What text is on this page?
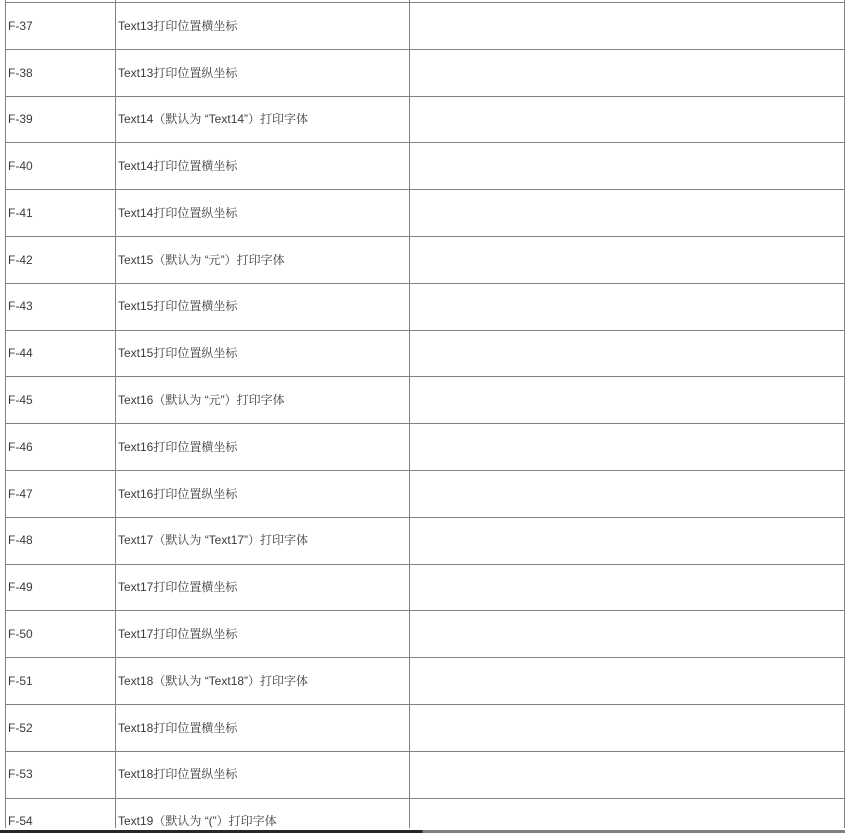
F-37	Text13打印位置横坐标	
F-38	Text13打印位置纵坐标	
F-39	Text14（默认为 “Text14”）打印字体	
F-40	Text14打印位置横坐标	
F-41	Text14打印位置纵坐标	
F-42	Text15（默认为 “元”）打印字体	
F-43	Text15打印位置横坐标	
F-44	Text15打印位置纵坐标	
F-45	Text16（默认为 “元”）打印字体	
F-46	Text16打印位置横坐标	
F-47	Text16打印位置纵坐标	
F-48	Text17（默认为 “Text17”）打印字体	
F-49	Text17打印位置横坐标	
F-50	Text17打印位置纵坐标	
F-51	Text18（默认为 “Text18”）打印字体	
F-52	Text18打印位置横坐标	
F-53	Text18打印位置纵坐标	
F-54	Text19（默认为 “(”）打印字体	
